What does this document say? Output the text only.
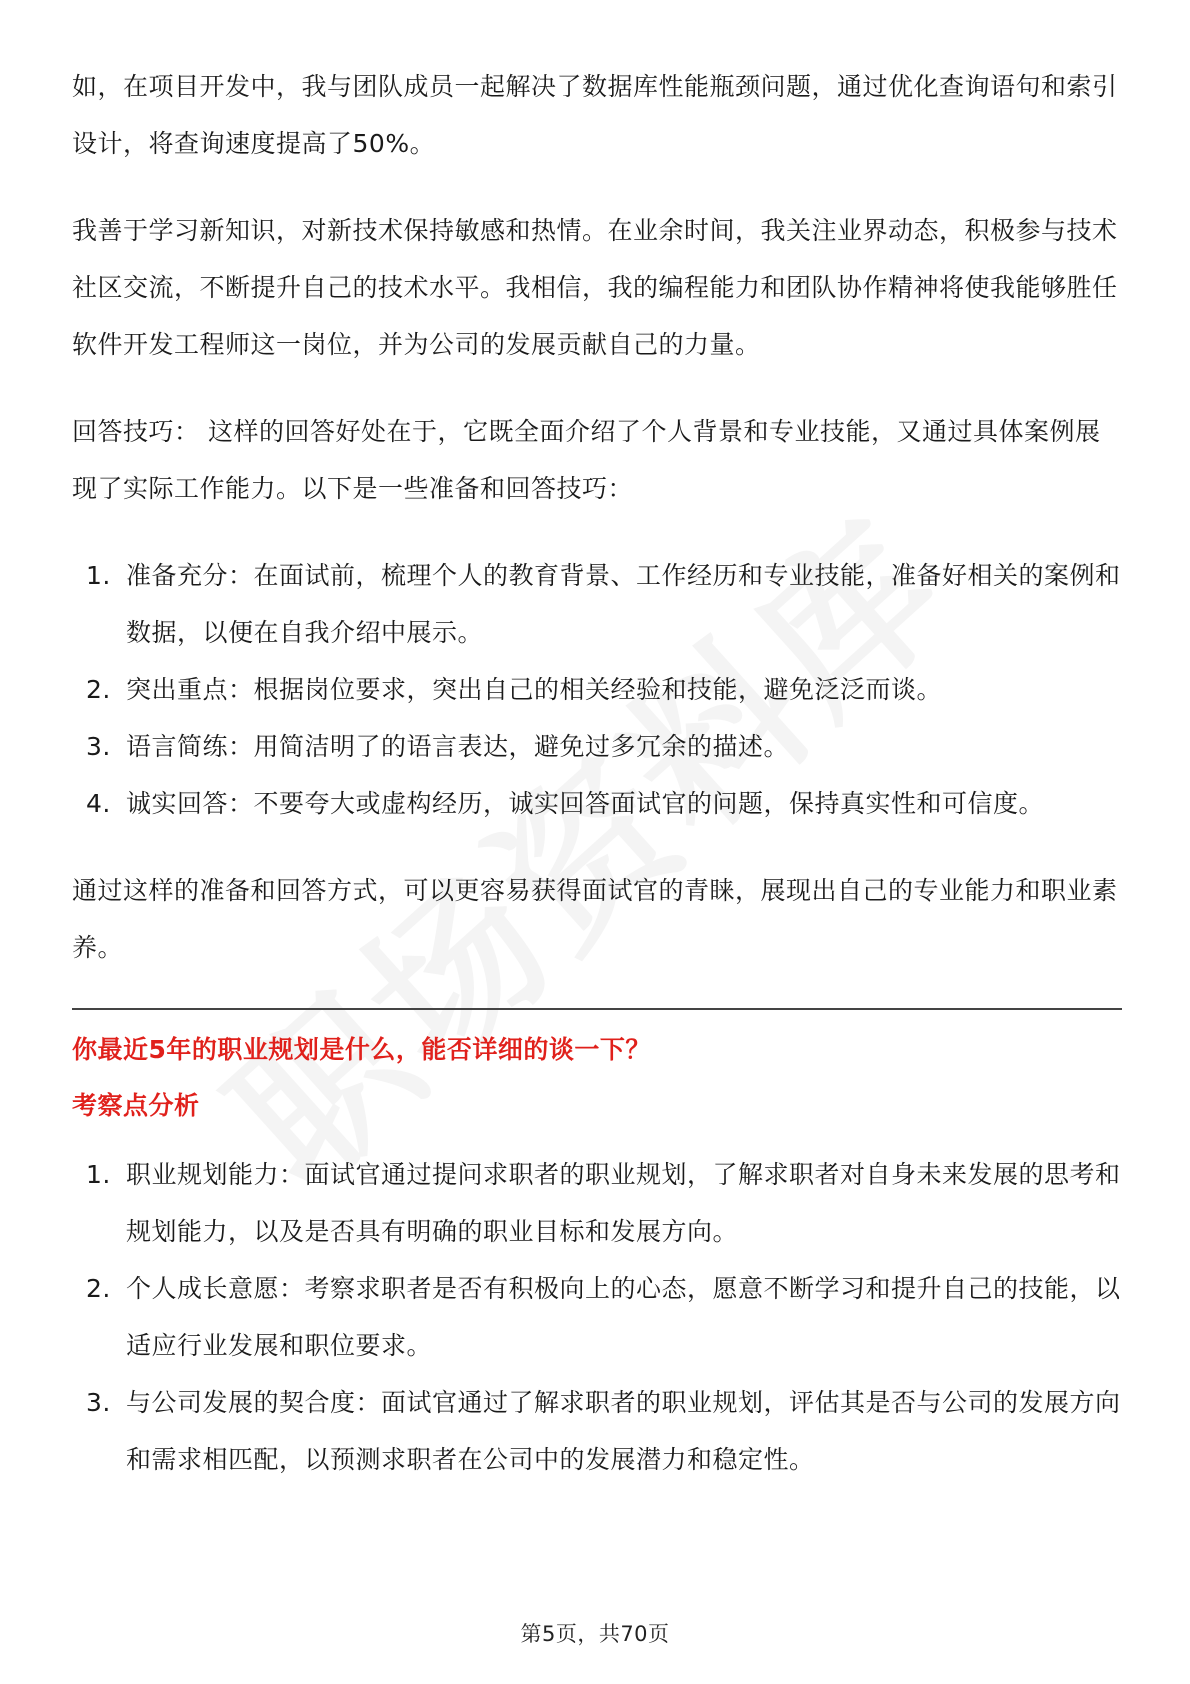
如，在项目开发中，我与团队成员一起解决了数据库性能瓶颈问题，通过优化查询语句和索引设计，将查询速度提高了50%。

我善于学习新知识，对新技术保持敏感和热情。在业余时间，我关注业界动态，积极参与技术社区交流，不断提升自己的技术水平。我相信，我的编程能力和团队协作精神将使我能够胜任软件开发工程师这一岗位，并为公司的发展贡献自己的力量。

回答技巧： 这样的回答好处在于，它既全面介绍了个人背景和专业技能，又通过具体案例展现了实际工作能力。以下是一些准备和回答技巧：

1. 准备充分：在面试前，梳理个人的教育背景、工作经历和专业技能，准备好相关的案例和数据，以便在自我介绍中展示。
2. 突出重点：根据岗位要求，突出自己的相关经验和技能，避免泛泛而谈。
3. 语言简练：用简洁明了的语言表达，避免过多冗余的描述。
4. 诚实回答：不要夸大或虚构经历，诚实回答面试官的问题，保持真实性和可信度。

通过这样的准备和回答方式，可以更容易获得面试官的青睐，展现出自己的专业能力和职业素养。

你最近5年的职业规划是什么，能否详细的谈一下？
考察点分析
1. 职业规划能力：面试官通过提问求职者的职业规划，了解求职者对自身未来发展的思考和规划能力，以及是否具有明确的职业目标和发展方向。
2. 个人成长意愿：考察求职者是否有积极向上的心态，愿意不断学习和提升自己的技能，以适应行业发展和职位要求。
3. 与公司发展的契合度：面试官通过了解求职者的职业规划，评估其是否与公司的发展方向和需求相匹配，以预测求职者在公司中的发展潜力和稳定性。
第5页，共70页
